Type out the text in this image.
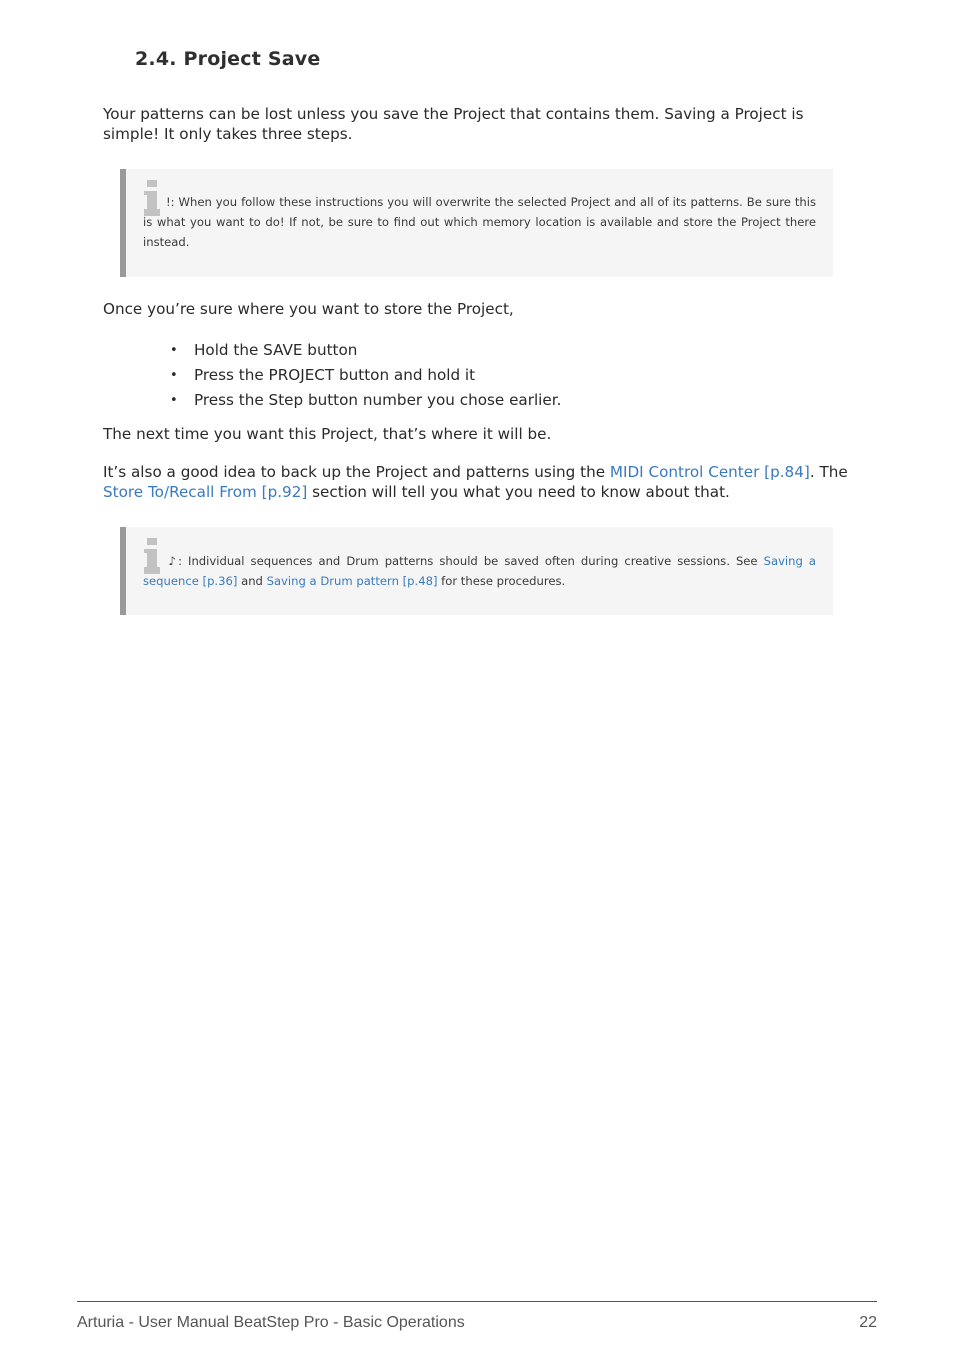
2.4. Project Save

Your patterns can be lost unless you save the Project that contains them. Saving a Project is simple! It only takes three steps.

!: When you follow these instructions you will overwrite the selected Project and all of its patterns. Be sure this is what you want to do! If not, be sure to find out which memory location is available and store the Project there instead.

Once you’re sure where you want to store the Project,

• Hold the SAVE button
• Press the PROJECT button and hold it
• Press the Step button number you chose earlier.

The next time you want this Project, that’s where it will be.

It’s also a good idea to back up the Project and patterns using the MIDI Control Center [p.84]. The Store To/Recall From [p.92] section will tell you what you need to know about that.

♪: Individual sequences and Drum patterns should be saved often during creative sessions. See Saving a sequence [p.36] and Saving a Drum pattern [p.48] for these procedures.

Arturia - User Manual BeatStep Pro - Basic Operations	22
